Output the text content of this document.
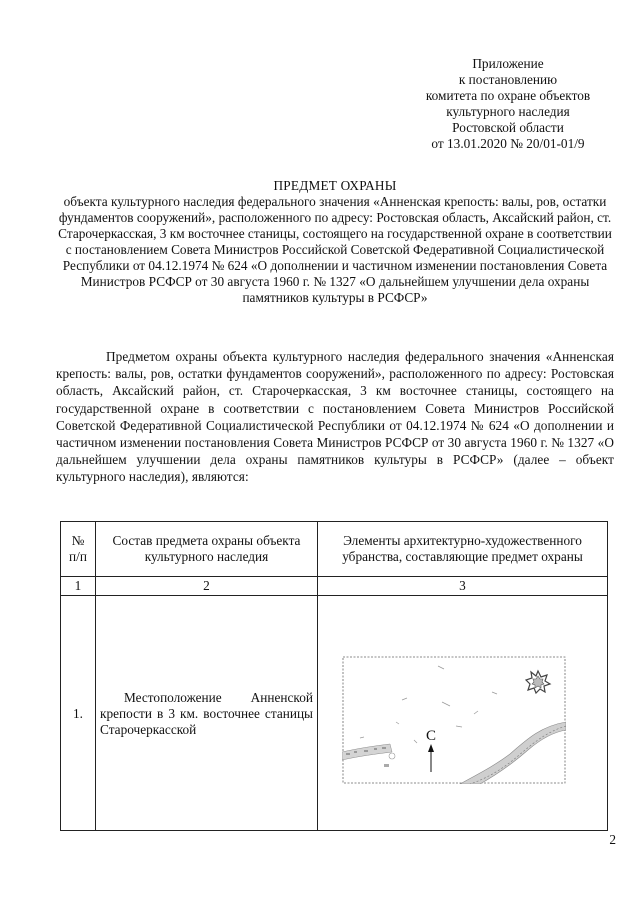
Приложение
к постановлению
комитета по охране объектов
культурного наследия
Ростовской области
от 13.01.2020 № 20/01-01/9
ПРЕДМЕТ ОХРАНЫ
объекта культурного наследия федерального значения «Анненская крепость: валы, ров, остатки фундаментов сооружений», расположенного по адресу: Ростовская область, Аксайский район, ст. Старочеркасская, 3 км восточнее станицы, состоящего на государственной охране в соответствии с постановлением Совета Министров Российской Советской Федеративной Социалистической Республики от 04.12.1974 № 624 «О дополнении и частичном изменении постановления Совета Министров РСФСР от 30 августа 1960 г. № 1327 «О дальнейшем улучшении дела охраны памятников культуры в РСФСР»
Предметом охраны объекта культурного наследия федерального значения «Анненская крепость: валы, ров, остатки фундаментов сооружений», расположенного по адресу: Ростовская область, Аксайский район, ст. Старочеркасская, 3 км восточнее станицы, состоящего на государственной охране в соответствии с постановлением Совета Министров Российской Советской Федеративной Социалистической Республики от 04.12.1974 № 624 «О дополнении и частичном изменении постановления Совета Министров РСФСР от 30 августа 1960 г. № 1327 «О дальнейшем улучшении дела охраны памятников культуры в РСФСР» (далее – объект культурного наследия), являются:
№ п/п	Состав предмета охраны объекта культурного наследия	Элементы архитектурно-художественного убранства, составляющие предмет охраны
1	2	3
1.	Местоположение Анненской крепости в 3 км. восточнее станицы Старочеркасской	С
2
